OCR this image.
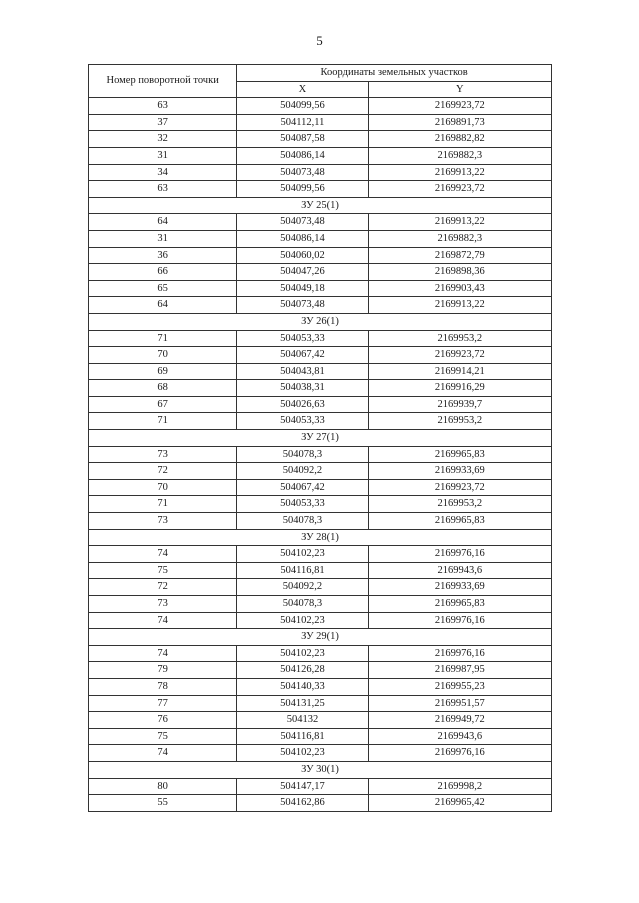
5
Номер поворотной точки	Координаты земельных участков	
	X	Y
63	504099,56	2169923,72
37	504112,11	2169891,73
32	504087,58	2169882,82
31	504086,14	2169882,3
34	504073,48	2169913,22
63	504099,56	2169923,72
ЗУ 25(1)		
64	504073,48	2169913,22
31	504086,14	2169882,3
36	504060,02	2169872,79
66	504047,26	2169898,36
65	504049,18	2169903,43
64	504073,48	2169913,22
ЗУ 26(1)		
71	504053,33	2169953,2
70	504067,42	2169923,72
69	504043,81	2169914,21
68	504038,31	2169916,29
67	504026,63	2169939,7
71	504053,33	2169953,2
ЗУ 27(1)		
73	504078,3	2169965,83
72	504092,2	2169933,69
70	504067,42	2169923,72
71	504053,33	2169953,2
73	504078,3	2169965,83
ЗУ 28(1)		
74	504102,23	2169976,16
75	504116,81	2169943,6
72	504092,2	2169933,69
73	504078,3	2169965,83
74	504102,23	2169976,16
ЗУ 29(1)		
74	504102,23	2169976,16
79	504126,28	2169987,95
78	504140,33	2169955,23
77	504131,25	2169951,57
76	504132	2169949,72
75	504116,81	2169943,6
74	504102,23	2169976,16
ЗУ 30(1)		
80	504147,17	2169998,2
55	504162,86	2169965,42
